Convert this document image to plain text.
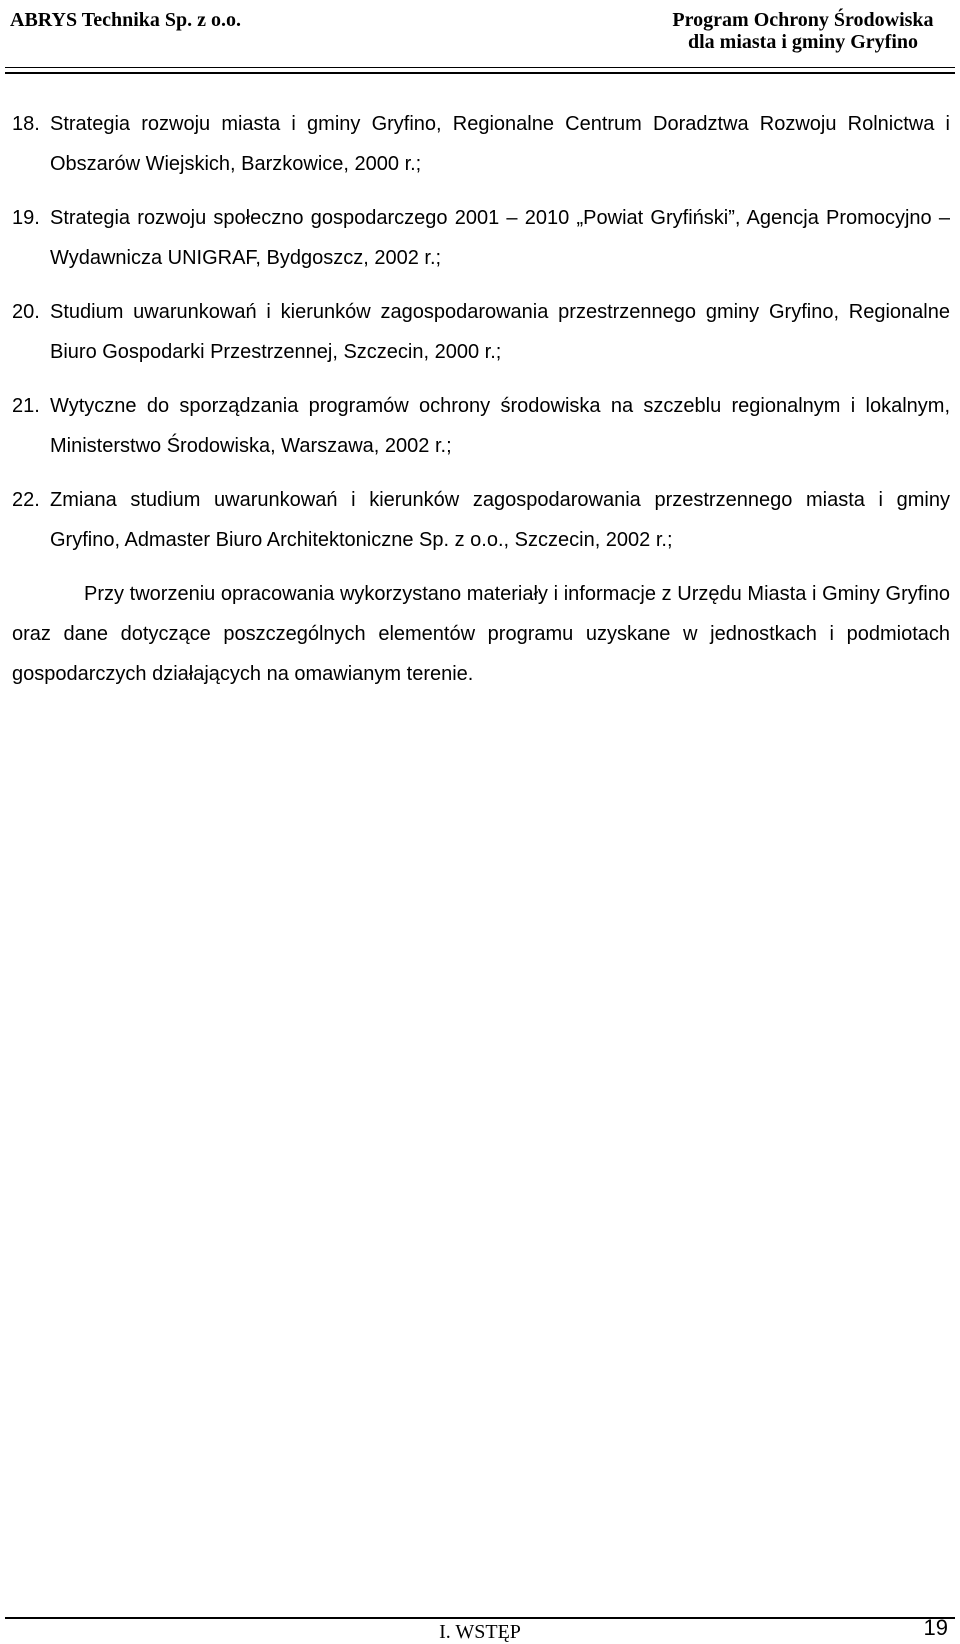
ABRYS Technika Sp. z o.o.	Program Ochrony Środowiska
dla miasta i gminy Gryfino
18. Strategia rozwoju miasta i gminy Gryfino, Regionalne Centrum Doradztwa Rozwoju Rolnictwa i Obszarów Wiejskich, Barzkowice, 2000 r.;
19. Strategia rozwoju społeczno gospodarczego 2001 – 2010 „Powiat Gryfiński”, Agencja Promocyjno – Wydawnicza UNIGRAF, Bydgoszcz, 2002 r.;
20. Studium uwarunkowań i kierunków zagospodarowania przestrzennego gminy Gryfino, Regionalne Biuro Gospodarki Przestrzennej, Szczecin, 2000 r.;
21. Wytyczne do sporządzania programów ochrony środowiska na szczeblu regionalnym i lokalnym, Ministerstwo Środowiska, Warszawa, 2002 r.;
22. Zmiana studium uwarunkowań i kierunków zagospodarowania przestrzennego miasta i gminy Gryfino, Admaster Biuro Architektoniczne Sp. z o.o., Szczecin, 2002 r.;

Przy tworzeniu opracowania wykorzystano materiały i informacje z Urzędu Miasta i Gminy Gryfino oraz dane dotyczące poszczególnych elementów programu uzyskane w jednostkach i podmiotach gospodarczych działających na omawianym terenie.

I. WSTĘP	19
